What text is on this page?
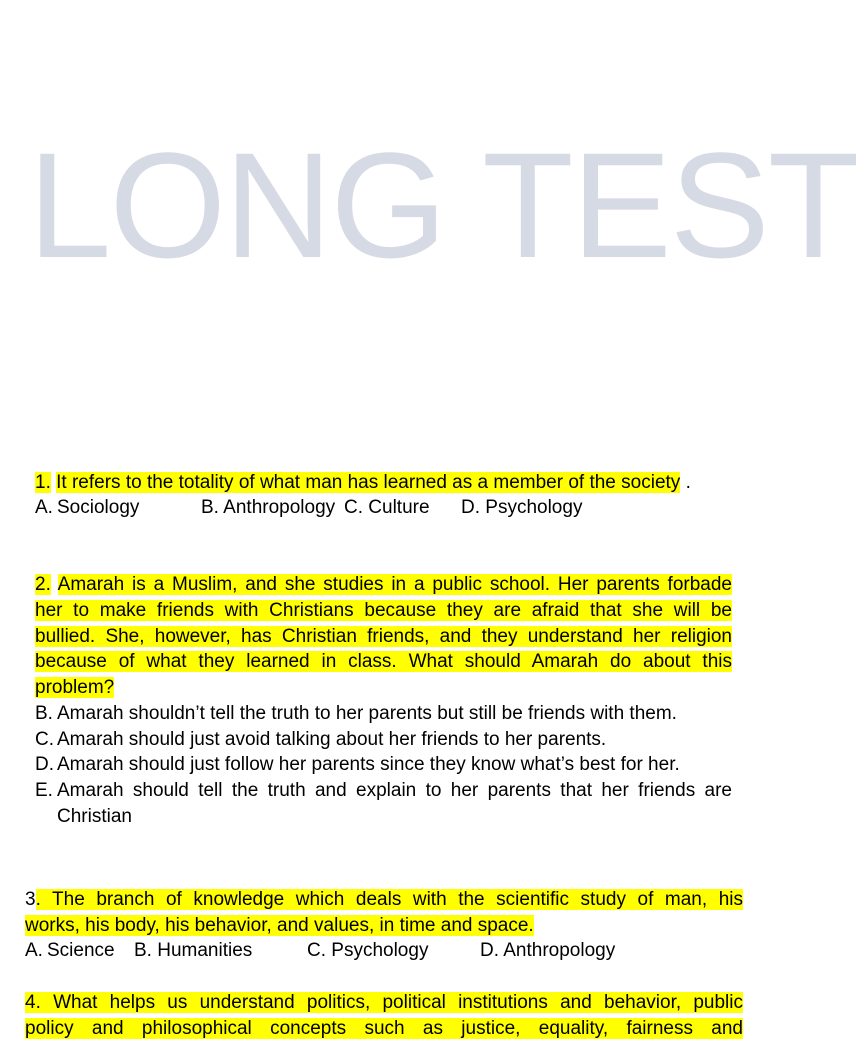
LONG TEST
1. It refers to the totality of what man has learned as a member of the society .
A. Sociology	B. Anthropology C. Culture D. Psychology
2. Amarah is a Muslim, and she studies in a public school. Her parents forbade
her to make friends with Christians because they are afraid that she will be
bullied. She, however, has Christian friends, and they understand her religion
because of what they learned in class. What should Amarah do about this
problem?
B. Amarah shouldn’t tell the truth to her parents but still be friends with them.
C. Amarah should just avoid talking about her friends to her parents.
D. Amarah should just follow her parents since they know what’s best for her.
E. Amarah should tell the truth and explain to her parents that her friends are Christian
3. The branch of knowledge which deals with the scientific study of man, his
works, his body, his behavior, and values, in time and space.
A. Science B. Humanities	C. Psychology	D. Anthropology
4. What helps us understand politics, political institutions and behavior, public
policy and philosophical concepts such as justice, equality, fairness and
